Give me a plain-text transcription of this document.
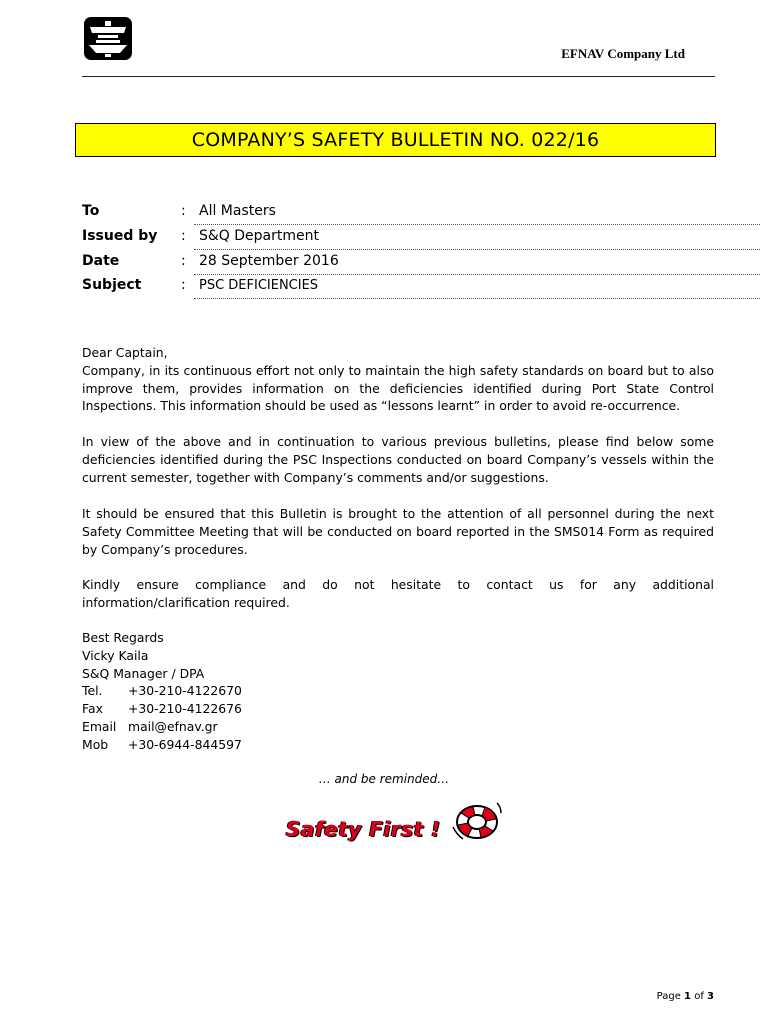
EFNAV Company Ltd
COMPANY’S SAFETY BULLETIN NO. 022/16
To	: All Masters
Issued by	: S&Q Department
Date	: 28 September 2016
Subject	: PSC DEFICIENCIES

Dear Captain,

Company, in its continuous effort not only to maintain the high safety standards on board but to also improve them, provides information on the deficiencies identified during Port State Control Inspections. This information should be used as “lessons learnt” in order to avoid re-occurrence.

In view of the above and in continuation to various previous bulletins, please find below some deficiencies identified during the PSC Inspections conducted on board Company’s vessels within the current semester, together with Company’s comments and/or suggestions.

It should be ensured that this Bulletin is brought to the attention of all personnel during the next Safety Committee Meeting that will be conducted on board reported in the SMS014 Form as required by Company’s procedures.

Kindly ensure compliance and do not hesitate to contact us for any additional information/clarification required.

Best Regards

Vicky Kaila

S&Q Manager / DPA

Tel.	+30-210-4122670
Fax	+30-210-4122676
Email mail@efnav.gr
Mob	+30-6944-844597
… and be reminded…
Safety First !
Page 1 of 3
